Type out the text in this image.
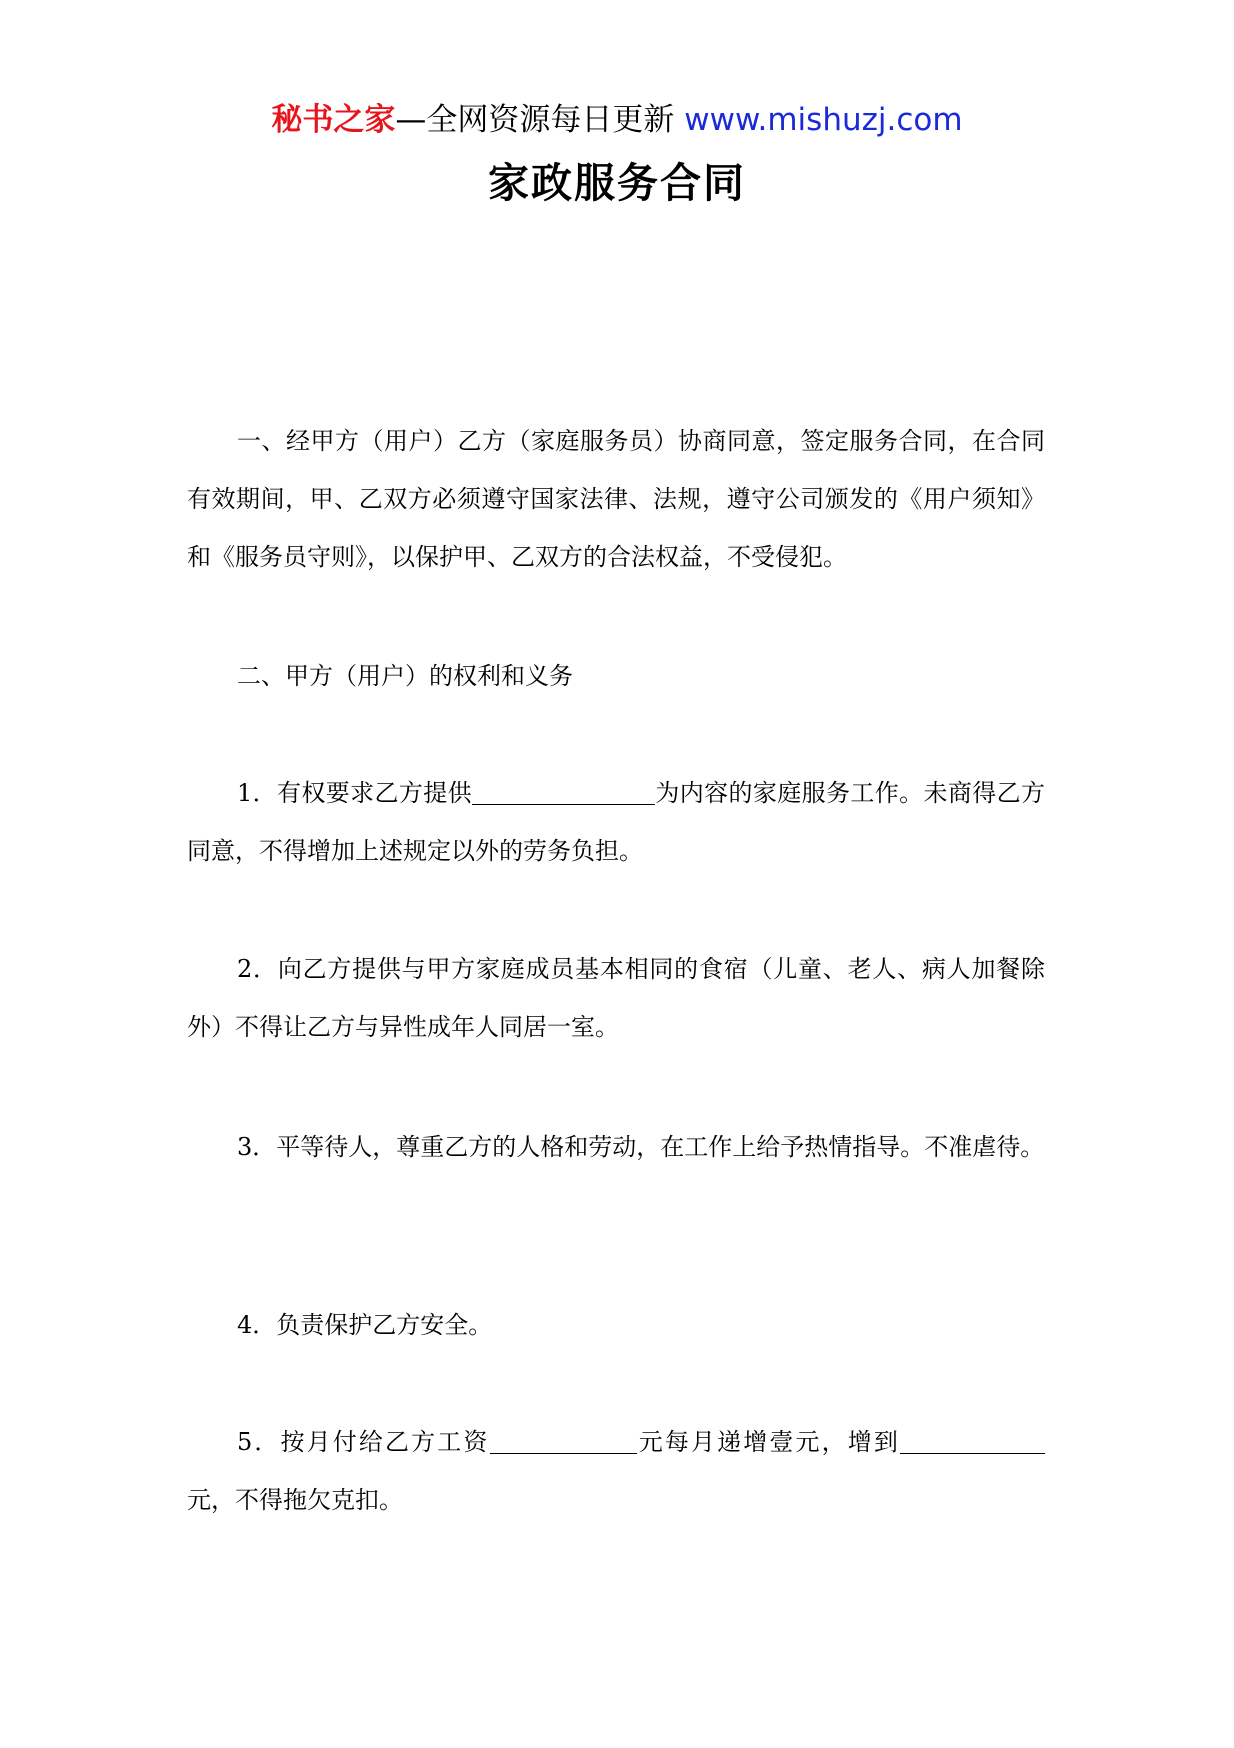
秘书之家—全网资源每日更新 www.mishuzj.com
家政服务合同

一、经甲方（用户）乙方（家庭服务员）协商同意，签定服务合同，在合同有效期间，甲、乙双方必须遵守国家法律、法规，遵守公司颁发的《用户须知》和《服务员守则》，以保护甲、乙双方的合法权益，不受侵犯。

二、甲方（用户）的权利和义务

1．有权要求乙方提供	为内容的家庭服务工作。未商得乙方同意，不得增加上述规定以外的劳务负担。

2．向乙方提供与甲方家庭成员基本相同的食宿（儿童、老人、病人加餐除外）不得让乙方与异性成年人同居一室。

3．平等待人，尊重乙方的人格和劳动，在工作上给予热情指导。不准虐待。

4．负责保护乙方安全。

5．按月付给乙方工资	元每月递增壹元，增到元，不得拖欠克扣。
